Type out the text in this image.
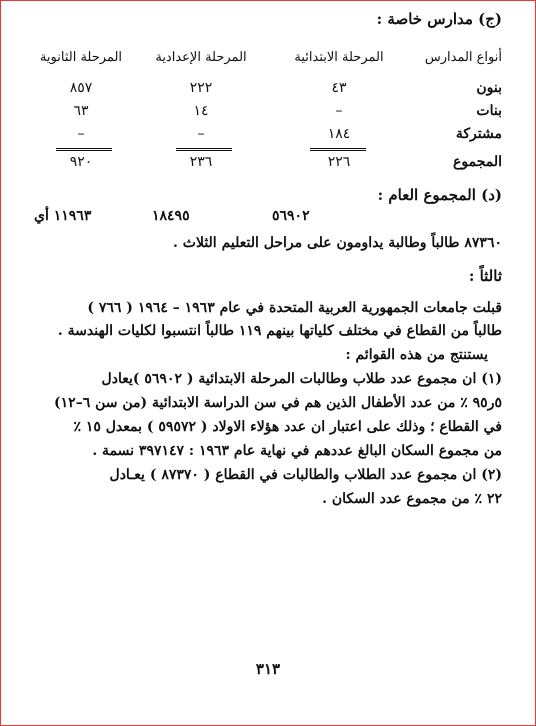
(ج) مدارس خاصة :
أنواع المدارس
المرحلة الابتدائية
المرحلة الإعدادية
المرحلة الثانوية
بنون
٤٣
٢٢٢
٨٥٧
بنات
–
١٤
٦٣
مشتركة
١٨٤
–
–
المجموع
٢٢٦
٢٣٦
٩٢٠
(د) المجموع العام :
٥٦٩٠٢
١٨٤٩٥
١١٩٦٣ أي
٨٧٣٦٠ طالباً وطالبة يداومون على مراحل التعليم الثلاث .
ثالثاً :
قبلت جامعات الجمهورية العربية المتحدة في عام ١٩٦٣ – ١٩٦٤ ( ٧٦٦ )
طالباً من القطاع في مختلف كلياتها بينهم ١١٩ طالباً انتسبوا لكليات الهندسة .
يستنتج من هذه القوائم :
(١) ان مجموع عدد طلاب وطالبات المرحلة الابتدائية ( ٥٦٩٠٢ )يعادل
٥ر٩٥ ٪ من عدد الأطفال الذين هم في سن الدراسة الابتدائية (من سن ٦–١٢)
في القطاع ؛ وذلك على اعتبار ان عدد هؤلاء الاولاد ( ٥٩٥٧٢ ) بمعدل ١٥ ٪
من مجموع السكان البالغ عددهم في نهاية عام ١٩٦٣ : ٣٩٧١٤٧ نسمة .
(٢) ان مجموع عدد الطلاب والطالبات في القطاع ( ٨٧٣٧٠ ) يعـادل
٢٢ ٪ من مجموع عدد السكان .
٣١٣
